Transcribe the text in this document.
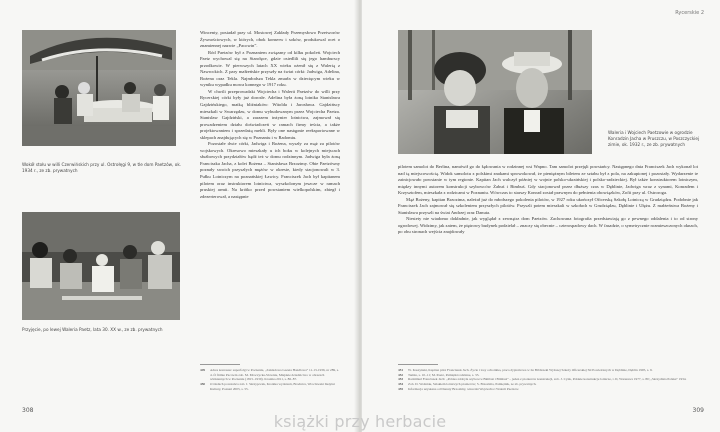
Wokół stołu w willi Czerwińskich przy ul. Ostrołęgi 9, w tle dom Paetzów, ok. 1934 r., ze zb. prywatnych
Przyjęcie, po lewej Waleria Paetz, lata 30. XX w., ze zb. prywatnych

Wincenty, posiadał przy ul. Mostowej Zakłady Przemysłowo Przetworów Żywnościowych, w których, obok konserw i soków, produkowal ocet o znamiennej nazwie „Pacowin”.

Ród Paetzów był z Poznaniem związany od kilku pokoleń. Wojciech Paetz wychowal się na Starołęce, gdzie osiedlili się jego hamburscy przodkowie. W pierwszych latach XX wieku ożenił się z Walerią z Nawrockich. Z pary małżeńskie przyszły na świat córki: Jadwiga, Adelina, Bożena oraz Tekla. Najmłodsza Tekla zmarła w dziecięcym wieku w wyniku wypadku mowa konnego w 1917 roku.

W chwili przeprowadzki Wojciecha i Walerii Paetzów do willi przy Rycerskiej córki były już dorosłe. Adelina była żoną lotnika Stanisława Gajdzińskiego, matką bliźniaków: Witolda i Jarosława. Gajdzińscy mieszkali w Swarzędzu, w domu wybudowanym przez Wojciecha Paetza. Stanisław Gajdziński, a zarazem inżynier lotnictwa, zajmował się prowadzeniem działu doświadczeń w ramach firmy teścia, a także projektowaniem i sprzedażą mebli. Były one następnie reeksportowane w sklepach znajdujących się w Poznaniu i w Radomiu.

Pozostałe dwie córki, Jadwiga i Bożena, wyszły za mąż za pilotów wojskowych. Okresowo mieszkały u ich boku w kolejnych miejscach służbowych przydziałów bądź też w domu rodzinnym. Jadwiga była żoną Franciszka Jacha, z kolei Bożena – Stanisława Brzozimy. Obie Paetzówny poznały swoich przyszłych mężów w okresie, kiedy stacjonowali w 3. Pułku Lotniczym na poznańskiej Ławicy. Franciszek Jach był kapitanem pilotem oraz instruktorem lotnictwa, wyszkolonym jeszcze w ramach pruskiej armii. Na krótko przed powstaniem wielkopolskim, zbiegł i zdezerterował, a następnie

449	Adres konrassu: superfolgi w Poznaniu, „Zakładowa Gazeta Handlowa” 11-13-1936, nr 289, s. 4. Ó firmie Pacowin zob. M. Mroczycka-Słowiak, Miejskie dziedzictwo w obrazach włókiennych w Poznaniu (1815–1939). Kronika 2011, s. 86–87.
450	O śladach powstańca zob. J. Skrzypczak, Kronika wydarzeń, Brodnica, Wrocławski Instytut Kultury, Poznań 2003, s. 55.
308
Rycerskie 2
Waleria i Wojciech Paetzowie w ogrodzie Konradzin Jacha w Pruszczu, w Poszczyckiej zimie, ok. 1932 r., ze zb. prywatnych

pilotem samolot do Berlina, namówił go do łądowania w rodzinnej wsi Wapno. Tam samolot przejęli powstańcy. Następnego dnia Franciszek Jach wykonał lot nad tą miejscowością. Widok samolotu z polskimi znakami sprowokował, że pieniężnym biletem ze sztabu był z pola, na zakupionej i pozostały. Wydarzenie te zainicjowało powstanie w tym regionie. Kapitan Jach walczył później w wojnie polsko-ukraińskiej i polsko-radzieckiej. Był także konstruktorem lotniczym, między innymi autorem konstrukcji szybowców Żabuś i Bimbuś. Gdy stacjonował przez dłuższy czas w Dęblinie, Jadwiga wraz z synami, Konradem i Krzysztofem, mieszkała z rodzicami w Poznaniu. Wówczas to starszy Konrad został prawnym do pełnienia obowiązków, Zofii przy ul. Ostroroga.

Mąż Bożeny, kapitan Brzozima, należał już do młodszego pokolenia pilotów, w 1927 roku ukończył Oficerską Szkołę Lotniczą w Grudziądzu. Podobnie jak Franciszek Jach zajmował się szkoleniem przyszłych pilotów. Przyszli potem mieszkali w szkołach w Grudziądzu, Dęblinie i Ułężu. Z małżeństwa Bożeny i Stanisława przyszli na świat Andrzej oraz Danuta.

Niestety nie wiadomo dokładnie, jak wyglądał z zewnątrz dom Paetzów. Zachowana fotografia przedstawiają go z pewnego oddalenia i to od strony ogrodowej. Widzimy, jak zatem, że piętrowy budynek podzielał – znaczy się obecnie – czterospadowy dach. W fasadzie, o symetrycznie rozmieszczonych oknach, po obu stronach wejścia znajdowały

451	W. Kaszyński, Kapitan pilot Franciszek Jach. Życie i losy ochotnika, praca dyplomowa w tle Biblioteki Wyższej Szkoły Oficerskiej Sił Powietrznych w Dęblinie, Dęblin 1995, s. 9.
452	Tamże, s. 10–11; M. Paetz, Pamiątki rodzinne, s. 33.
453	Radzimiel Franciszek Jach: „Polska zdobyła szybowce Bimbuś i Bimbuś” – jeden z pionierów konstrukcji, zob. J. Cynk, Polskie konstrukcje lotnicze, t. II, Warszawa 1977, s. 80; „Skrzydlata Polska” 1934.
454	Zob. D. Woźniak, Szlakiem lotniczych pionierów; S. Brzozima, Pamiętnik, ze zb. prywatnych.
455	Informacja uzyskana od Danuty Brzozimy, wnuczki Wojciecha i Walerii Paetzów.
309
książki przy herbacie
